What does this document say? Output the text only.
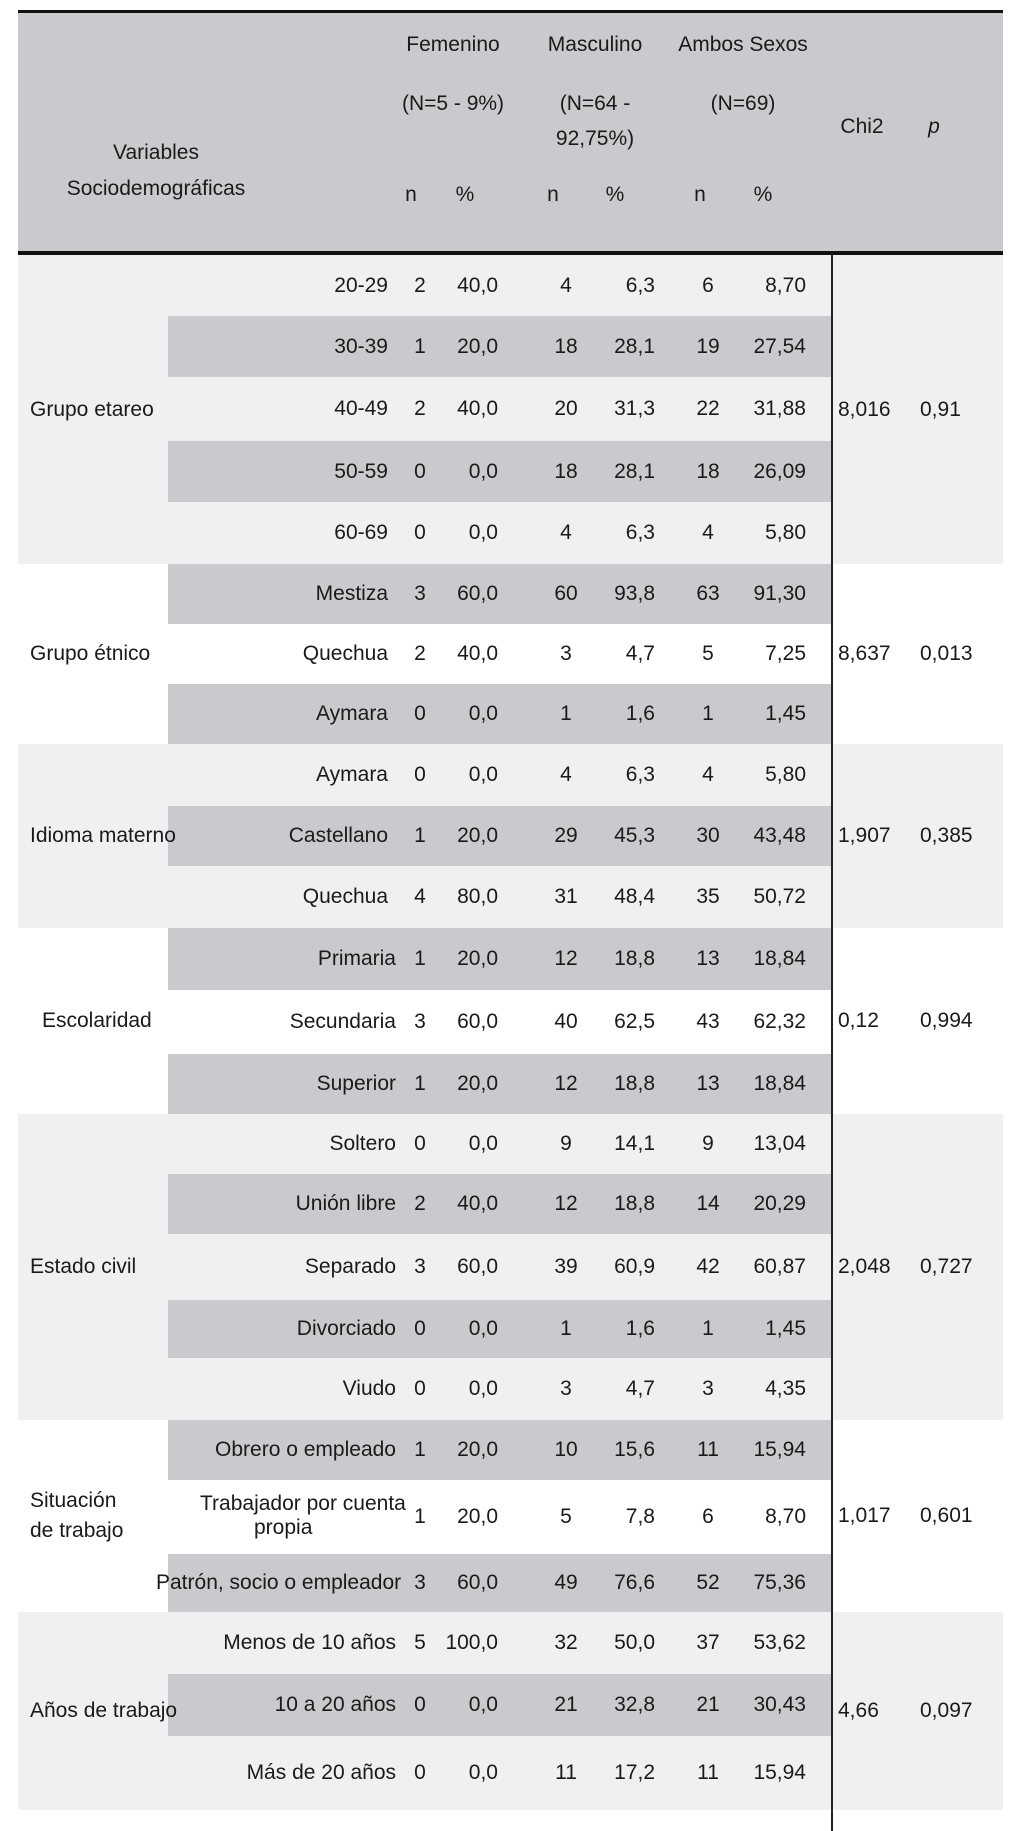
Variables
Sociodemográficas
Femenino
(N=5 - 9%)
Masculino
(N=64 -
92,75%)
Ambos Sexos
(N=69)
Chi2 p
n %	n %	n %
Grupo etareo	8,016 0,91
20-29	2	40,0	4	6,3	6	8,70
30-39	1	20,0	18	28,1	19	27,54
40-49	2	40,0	20	31,3	22	31,88
50-59	0	0,0	18	28,1	18	26,09
60-69	0	0,0	4	6,3	4	5,80
Grupo étnico	8,637 0,013
Mestiza	3	60,0	60	93,8	63	91,30
Quechua	2	40,0	3	4,7	5	7,25
Aymara	0	0,0	1	1,6	1	1,45
Idioma materno	1,907 0,385
Aymara	0	0,0	4	6,3	4	5,80
Castellano	1	20,0	29	45,3	30	43,48
Quechua	4	80,0	31	48,4	35	50,72
Escolaridad	0,12 0,994
Primaria 1	20,0	12	18,8	13	18,84
Secundaria 3	60,0	40	62,5	43	62,32
Superior 1	20,0	12	18,8	13	18,84
Estado civil	2,048 0,727
Soltero 0	0,0	9	14,1	9	13,04
Unión libre 2	40,0	12	18,8	14	20,29
Separado 3	60,0	39	60,9	42	60,87
Divorciado 0	0,0	1	1,6	1	1,45
Viudo 0	0,0	3	4,7	3	4,35
Situación
de trabajo
1,017 0,601
Obrero o empleado 1	20,0	10	15,6	11	15,94
Trabajador por cuenta
propia	1	20,0	5	7,8	6	8,70
Patrón, socio o empleador 3	60,0	49	76,6	52	75,36
Años de trabajo	4,66 0,097
Menos de 10 años 5 100,0	32	50,0	37	53,62
10 a 20 años 0	0,0	21	32,8	21	30,43
Más de 20 años 0	0,0	11	17,2	11	15,94
